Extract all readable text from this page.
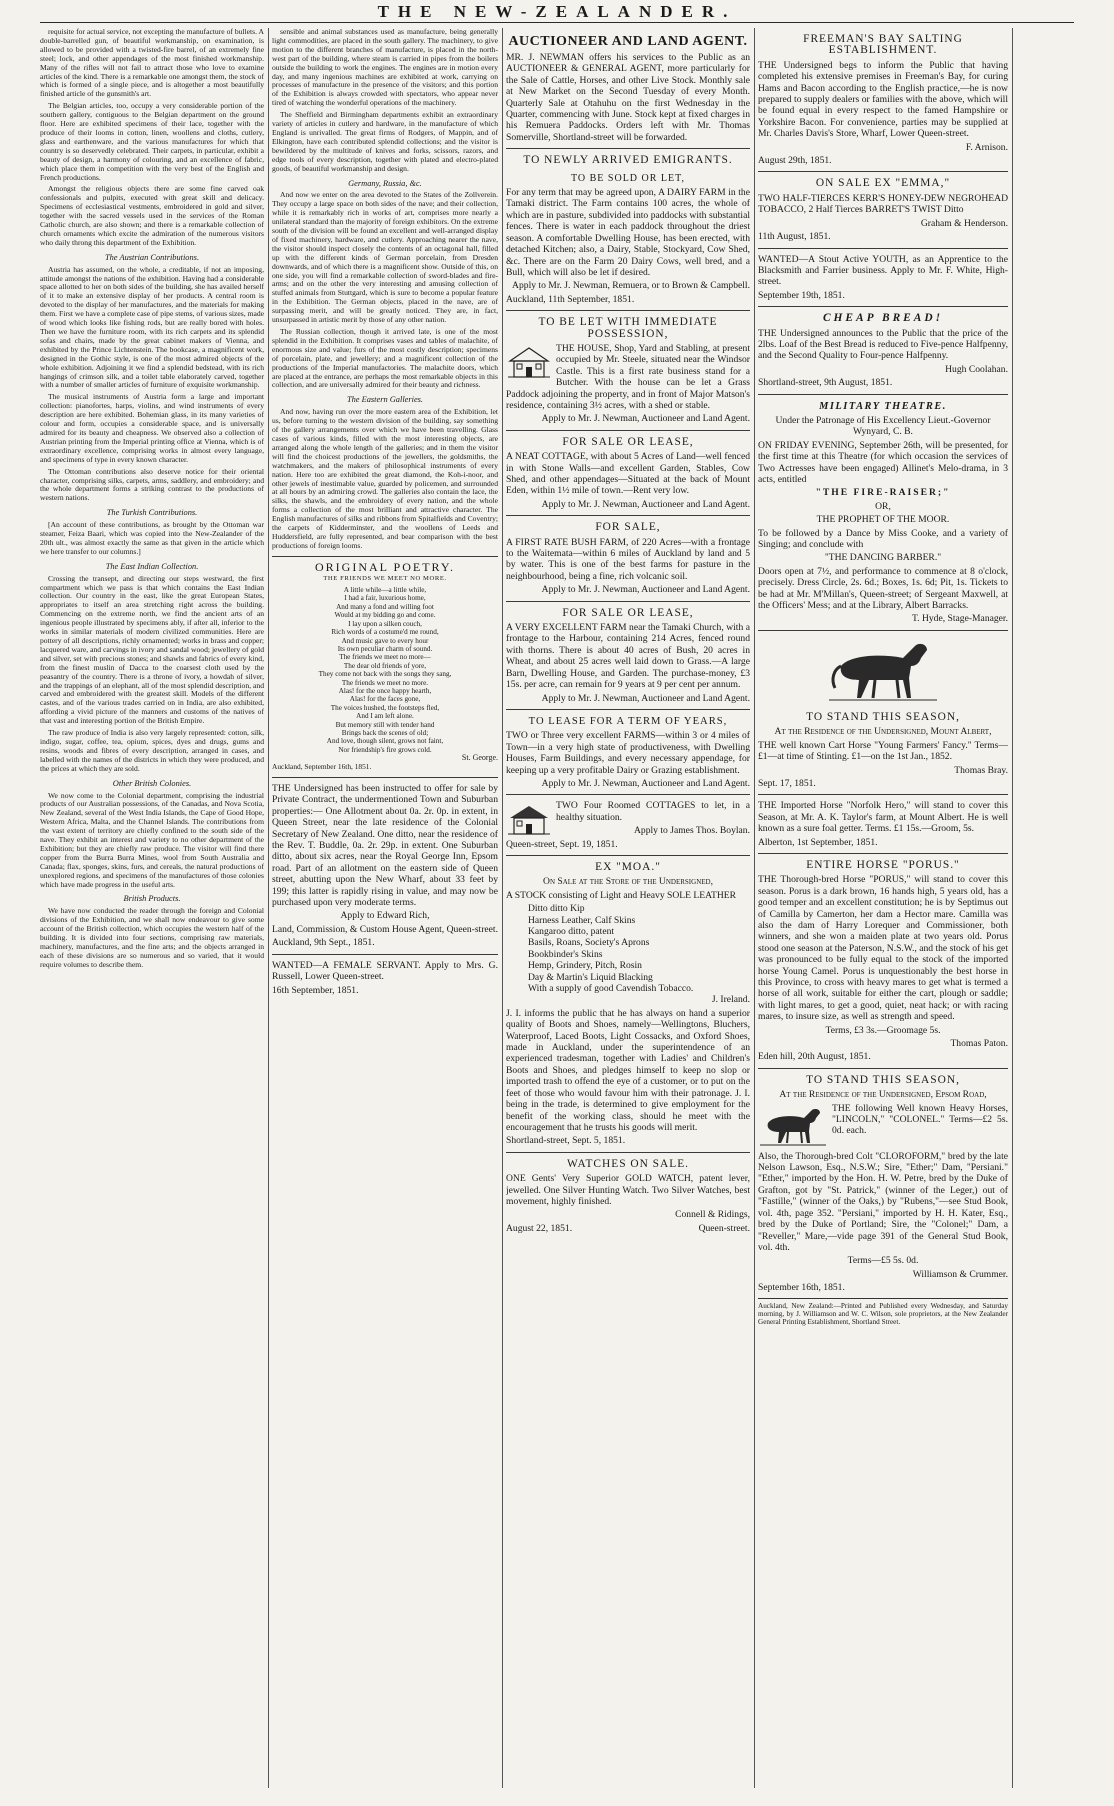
THE NEW-ZEALANDER.

requisite for actual service, not excepting the manufacture of bullets. A double-barrelled gun, of beautiful workmanship, on examination, is allowed to be provided with a twisted-fire barrel, of an extremely fine steel; lock, and other appendages of the most finished workmanship. Many of the rifles will not fail to attract those who love to examine articles of the kind. There is a remarkable one amongst them, the stock of which is formed of a single piece, and is altogether a most beautifully finished article of the gunsmith's art.

The Belgian articles, too, occupy a very considerable portion of the southern gallery, contiguous to the Belgian department on the ground floor. Here are exhibited specimens of their lace, together with the produce of their looms in cotton, linen, woollens and cloths, cutlery, glass and earthenware, and the various manufactures for which that country is so deservedly celebrated. Their carpets, in particular, exhibit a beauty of design, a harmony of colouring, and an excellence of fabric, which place them in competition with the very best of the English and French productions.

Amongst the religious objects there are some fine carved oak confessionals and pulpits, executed with great skill and delicacy. Specimens of ecclesiastical vestments, embroidered in gold and silver, together with the sacred vessels used in the services of the Roman Catholic church, are also shown; and there is a remarkable collection of church ornaments which excite the admiration of the numerous visitors who daily throng this department of the Exhibition.

The Austrian Contributions.

Austria has assumed, on the whole, a creditable, if not an imposing, attitude amongst the nations of the exhibition. Having had a considerable space allotted to her on both sides of the building, she has availed herself of it to make an extensive display of her products. A central room is devoted to the display of her manufactures, and the materials for making them. First we have a complete case of pipe stems, of various sizes, made of wood which looks like fishing rods, but are really bored with holes. Then we have the furniture room, with its rich carpets and its splendid sofas and chairs, made by the great cabinet makers of Vienna, and exhibited by the Prince Lichtenstein. The bookcase, a magnificent work, designed in the Gothic style, is one of the most admired objects of the whole exhibition. Adjoining it we find a splendid bedstead, with its rich hangings of crimson silk, and a toilet table elaborately carved, together with a number of smaller articles of furniture of exquisite workmanship.

The musical instruments of Austria form a large and important collection: pianofortes, harps, violins, and wind instruments of every description are here exhibited. Bohemian glass, in its many varieties of colour and form, occupies a considerable space, and is universally admired for its beauty and cheapness. We observed also a collection of Austrian printing from the Imperial printing office at Vienna, which is of extraordinary excellence, comprising works in almost every language, and specimens of type in every known character.

The Ottoman contributions also deserve notice for their oriental character, comprising silks, carpets, arms, saddlery, and embroidery; and the whole department forms a striking contrast to the productions of western nations.

The Turkish Contributions.

[An account of these contributions, as brought by the Ottoman war steamer, Feiza Baari, which was copied into the New-Zealander of the 20th ult., was almost exactly the same as that given in the article which we here transfer to our columns.]

The East Indian Collection.

Crossing the transept, and directing our steps westward, the first compartment which we pass is that which contains the East Indian collection. Our country in the east, like the great European States, appropriates to itself an area stretching right across the building. Commencing on the extreme north, we find the ancient arts of an ingenious people illustrated by specimens ably, if after all, inferior to the works in similar materials of modern civilized communities. Here are pottery of all descriptions, richly ornamented; works in brass and copper; lacquered ware, and carvings in ivory and sandal wood; jewellery of gold and silver, set with precious stones; and shawls and fabrics of every kind, from the finest muslin of Dacca to the coarsest cloth used by the peasantry of the country. There is a throne of ivory, a howdah of silver, and the trappings of an elephant, all of the most splendid description, and carved and embroidered with the greatest skill. Models of the different castes, and of the various trades carried on in India, are also exhibited, affording a vivid picture of the manners and customs of the natives of that vast and interesting portion of the British Empire.

The raw produce of India is also very largely represented: cotton, silk, indigo, sugar, coffee, tea, opium, spices, dyes and drugs, gums and resins, woods and fibres of every description, arranged in cases, and labelled with the names of the districts in which they were produced, and the prices at which they are sold.

Other British Colonies.

We now come to the Colonial department, comprising the industrial products of our Australian possessions, of the Canadas, and Nova Scotia, New Zealand, several of the West India Islands, the Cape of Good Hope, Western Africa, Malta, and the Channel Islands. The contributions from the vast extent of territory are chiefly confined to the south side of the nave. They exhibit an interest and variety to no other department of the Exhibition; but they are chiefly raw produce. The visitor will find there copper from the Burra Burra Mines, wool from South Australia and Canada; flax, sponges, skins, furs, and cereals, the natural productions of unexplored regions, and specimens of the manufactures of those colonies which have made progress in the useful arts.

British Products.

We have now conducted the reader through the foreign and Colonial divisions of the Exhibition, and we shall now endeavour to give some account of the British collection, which occupies the western half of the building. It is divided into four sections, comprising raw materials, machinery, manufactures, and the fine arts; and the objects arranged in each of these divisions are so numerous and so varied, that it would require volumes to describe them.

sensible and animal substances used as manufacture, being generally light commodities, are placed in the south gallery. The machinery, to give motion to the different branches of manufacture, is placed in the north-west part of the building, where steam is carried in pipes from the boilers outside the building to work the engines. The engines are in motion every day, and many ingenious machines are exhibited at work, carrying on processes of manufacture in the presence of the visitors; and this portion of the Exhibition is always crowded with spectators, who appear never tired of watching the wonderful operations of the machinery.

The Sheffield and Birmingham departments exhibit an extraordinary variety of articles in cutlery and hardware, in the manufacture of which England is unrivalled. The great firms of Rodgers, of Mappin, and of Elkington, have each contributed splendid collections; and the visitor is bewildered by the multitude of knives and forks, scissors, razors, and edge tools of every description, together with plated and electro-plated goods, of beautiful workmanship and design.

Germany, Russia, &c.

And now we enter on the area devoted to the States of the Zollverein. They occupy a large space on both sides of the nave; and their collection, while it is remarkably rich in works of art, comprises more nearly a unilateral standard than the majority of foreign exhibitors. On the extreme south of the division will be found an excellent and well-arranged display of fixed machinery, hardware, and cutlery. Approaching nearer the nave, the visitor should inspect closely the contents of an octagonal hall, filled up with the different kinds of German porcelain, from Dresden downwards, and of which there is a magnificent show. Outside of this, on one side, you will find a remarkable collection of sword-blades and fire-arms; and on the other the very interesting and amusing collection of stuffed animals from Stuttgard, which is sure to become a popular feature in the Exhibition. The German objects, placed in the nave, are of surpassing merit, and will be greatly noticed. They are, in fact, unsurpassed in artistic merit by those of any other nation.

The Russian collection, though it arrived late, is one of the most splendid in the Exhibition. It comprises vases and tables of malachite, of enormous size and value; furs of the most costly description; specimens of porcelain, plate, and jewellery; and a magnificent collection of the productions of the Imperial manufactories. The malachite doors, which are placed at the entrance, are perhaps the most remarkable objects in this collection, and are universally admired for their beauty and richness.

The Eastern Galleries.

And now, having run over the more eastern area of the Exhibition, let us, before turning to the western division of the building, say something of the gallery arrangements over which we have been travelling. Glass cases of various kinds, filled with the most interesting objects, are arranged along the whole length of the galleries; and in them the visitor will find the choicest productions of the jewellers, the goldsmiths, the watchmakers, and the makers of philosophical instruments of every nation. Here too are exhibited the great diamond, the Koh-i-noor, and other jewels of inestimable value, guarded by policemen, and surrounded at all hours by an admiring crowd. The galleries also contain the lace, the silks, the shawls, and the embroidery of every nation, and the whole forms a collection of the most brilliant and attractive character. The English manufactures of silks and ribbons from Spitalfields and Coventry; the carpets of Kidderminster, and the woollens of Leeds and Huddersfield, are fully represented, and bear comparison with the best productions of foreign looms.

ORIGINAL POETRY.
THE FRIENDS WE MEET NO MORE.
A little while—a little while,
I had a fair, luxurious home,
And many a fond and willing foot
Would at my bidding go and come.
I lay upon a silken couch,
Rich words of a costume'd me round,
And music gave to every hour
Its own peculiar charm of sound.
The friends we meet no more—
The dear old friends of yore,
They come not back with the songs they sang,
The friends we meet no more.
Alas! for the once happy hearth,
Alas! for the faces gone,
The voices hushed, the footsteps fled,
And I am left alone.
But memory still with tender hand
Brings back the scenes of old;
And love, though silent, grows not faint,
Nor friendship's fire grows cold.
St. George.
Auckland, September 16th, 1851.

THE Undersigned has been instructed to offer for sale by Private Contract, the undermentioned Town and Suburban properties:— One Allotment about 0a. 2r. 0p. in extent, in Queen Street, near the late residence of the Colonial Secretary of New Zealand. One ditto, near the residence of the Rev. T. Buddle, 0a. 2r. 29p. in extent. One Suburban ditto, about six acres, near the Royal George Inn, Epsom road. Part of an allotment on the eastern side of Queen street, abutting upon the New Wharf, about 33 feet by 199; this latter is rapidly rising in value, and may now be purchased upon very moderate terms.

Apply to Edward Rich,

Land, Commission, & Custom House Agent, Queen-street.

Auckland, 9th Sept., 1851.

WANTED—A FEMALE SERVANT. Apply to Mrs. G. Russell, Lower Queen-street.

16th September, 1851.

AUCTIONEER AND LAND AGENT.

MR. J. NEWMAN offers his services to the Public as an AUCTIONEER & GENERAL AGENT, more particularly for the Sale of Cattle, Horses, and other Live Stock. Monthly sale at New Market on the Second Tuesday of every Month. Quarterly Sale at Otahuhu on the first Wednesday in the Quarter, commencing with June. Stock kept at fixed charges in his Remuera Paddocks. Orders left with Mr. Thomas Somerville, Shortland-street will be forwarded.

TO NEWLY ARRIVED EMIGRANTS.
TO BE SOLD OR LET,

For any term that may be agreed upon, A DAIRY FARM in the Tamaki district. The Farm contains 100 acres, the whole of which are in pasture, subdivided into paddocks with substantial fences. There is water in each paddock throughout the driest season. A comfortable Dwelling House, has been erected, with detached Kitchen; also, a Dairy, Stable, Stockyard, Cow Shed, &c. There are on the Farm 20 Dairy Cows, well bred, and a Bull, which will also be let if desired.

Apply to Mr. J. Newman, Remuera, or to Brown & Campbell.

Auckland, 11th September, 1851.

TO BE LET WITH IMMEDIATE POSSESSION,

THE HOUSE, Shop, Yard and Stabling, at present occupied by Mr. Steele, situated near the Windsor Castle. This is a first rate business stand for a Butcher. With the house can be let a Grass Paddock adjoining the property, and in front of Major Matson's residence, containing 3½ acres, with a shed or stable.

Apply to Mr. J. Newman, Auctioneer and Land Agent.

FOR SALE OR LEASE,

A NEAT COTTAGE, with about 5 Acres of Land—well fenced in with Stone Walls—and excellent Garden, Stables, Cow Shed, and other appendages—Situated at the back of Mount Eden, within 1½ mile of town.—Rent very low.

Apply to Mr. J. Newman, Auctioneer and Land Agent.

FOR SALE,

A FIRST RATE BUSH FARM, of 220 Acres—with a frontage to the Waitemata—within 6 miles of Auckland by land and 5 by water. This is one of the best farms for pasture in the neighbourhood, being a fine, rich volcanic soil.

Apply to Mr. J. Newman, Auctioneer and Land Agent.

FOR SALE OR LEASE,

A VERY EXCELLENT FARM near the Tamaki Church, with a frontage to the Harbour, containing 214 Acres, fenced round with thorns. There is about 40 acres of Bush, 20 acres in Wheat, and about 25 acres well laid down to Grass.—A large Barn, Dwelling House, and Garden. The purchase-money, £3 15s. per acre, can remain for 9 years at 9 per cent per annum.

Apply to Mr. J. Newman, Auctioneer and Land Agent.

TO LEASE FOR A TERM OF YEARS,

TWO or Three very excellent FARMS—within 3 or 4 miles of Town—in a very high state of productiveness, with Dwelling Houses, Farm Buildings, and every necessary appendage, for keeping up a very profitable Dairy or Grazing establishment.

Apply to Mr. J. Newman, Auctioneer and Land Agent.

TWO Four Roomed COTTAGES to let, in a healthy situation.

Apply to James Thos. Boylan.

Queen-street, Sept. 19, 1851.

EX "MOA."

On Sale at the Store of the Undersigned,

A STOCK consisting of Light and Heavy SOLE LEATHER

Ditto ditto Kip
Harness Leather, Calf Skins
Kangaroo ditto, patent
Basils, Roans, Society's Aprons
Bookbinder's Skins
Hemp, Grindery, Pitch, Rosin
Day & Martin's Liquid Blacking
With a supply of good Cavendish Tobacco.

J. Ireland.

J. I. informs the public that he has always on hand a superior quality of Boots and Shoes, namely—Wellingtons, Bluchers, Waterproof, Laced Boots, Light Cossacks, and Oxford Shoes, made in Auckland, under the superintendence of an experienced tradesman, together with Ladies' and Children's Boots and Shoes, and pledges himself to keep no slop or imported trash to offend the eye of a customer, or to put on the feet of those who would favour him with their patronage. J. I. being in the trade, is determined to give employment for the benefit of the working class, should he meet with the encouragement that he trusts his goods will merit.

Shortland-street, Sept. 5, 1851.

WATCHES ON SALE.

ONE Gents' Very Superior GOLD WATCH, patent lever, jewelled. One Silver Hunting Watch. Two Silver Watches, best movement, highly finished.

Connell & Ridings,

August 22, 1851.	Queen-street.

FREEMAN'S BAY SALTING ESTABLISHMENT.

THE Undersigned begs to inform the Public that having completed his extensive premises in Freeman's Bay, for curing Hams and Bacon according to the English practice,—he is now prepared to supply dealers or families with the above, which will be found equal in every respect to the famed Hampshire or Yorkshire Bacon. For convenience, parties may be supplied at Mr. Charles Davis's Store, Wharf, Lower Queen-street.

F. Arnison.

August 29th, 1851.

ON SALE EX "EMMA,"

TWO HALF-TIERCES KERR'S HONEY-DEW NEGROHEAD TOBACCO, 2 Half Tierces BARRET'S TWIST Ditto

Graham & Henderson.

11th August, 1851.

WANTED—A Stout Active YOUTH, as an Apprentice to the Blacksmith and Farrier business. Apply to Mr. F. White, High-street.

September 19th, 1851.

CHEAP BREAD!

THE Undersigned announces to the Public that the price of the 2lbs. Loaf of the Best Bread is reduced to Five-pence Halfpenny, and the Second Quality to Four-pence Halfpenny.

Hugh Coolahan.

Shortland-street, 9th August, 1851.

MILITARY THEATRE.

Under the Patronage of His Excellency Lieut.-Governor Wynyard, C. B.

ON FRIDAY EVENING, September 26th, will be presented, for the first time at this Theatre (for which occasion the services of Two Actresses have been engaged) Allinet's Melo-drama, in 3 acts, entitled

"THE FIRE-RAISER;"

OR,

THE PROPHET OF THE MOOR.

To be followed by a Dance by Miss Cooke, and a variety of Singing; and conclude with

"THE DANCING BARBER."

Doors open at 7½, and performance to commence at 8 o'clock, precisely. Dress Circle, 2s. 6d.; Boxes, 1s. 6d; Pit, 1s. Tickets to be had at Mr. M'Millan's, Queen-street; of Sergeant Maxwell, at the Officers' Mess; and at the Library, Albert Barracks.

T. Hyde, Stage-Manager.

TO STAND THIS SEASON,

At the Residence of the Undersigned, Mount Albert,

THE well known Cart Horse "Young Farmers' Fancy." Terms—£1—at time of Stinting. £1—on the 1st Jan., 1852.

Thomas Bray.

Sept. 17, 1851.

THE Imported Horse "Norfolk Hero," will stand to cover this Season, at Mr. A. K. Taylor's farm, at Mount Albert. He is well known as a sure foal getter. Terms. £1 15s.—Groom, 5s.

Alberton, 1st September, 1851.

ENTIRE HORSE "PORUS."

THE Thorough-bred Horse "PORUS," will stand to cover this season. Porus is a dark brown, 16 hands high, 5 years old, has a good temper and an excellent constitution; he is by Septimus out of Camilla by Camerton, her dam a Hector mare. Camilla was also the dam of Harry Lorequer and Commissioner, both winners, and she won a maiden plate at two years old. Porus stood one season at the Paterson, N.S.W., and the stock of his get was pronounced to be fully equal to the stock of the imported horse Young Camel. Porus is unquestionably the best horse in this Province, to cross with heavy mares to get what is termed a horse of all work, suitable for either the cart, plough or saddle; with light mares, to get a good, quiet, neat hack; or with racing mares, to insure size, as well as strength and speed.

Terms, £3 3s.—Groomage 5s.

Thomas Paton.

Eden hill, 20th August, 1851.

TO STAND THIS SEASON,

At the Residence of the Undersigned, Epsom Road,

THE following Well known Heavy Horses, "LINCOLN," "COLONEL." Terms—£2 5s. 0d. each.

Also, the Thorough-bred Colt "CLOROFORM," bred by the late Nelson Lawson, Esq., N.S.W.; Sire, "Ether;" Dam, "Persiani." "Ether," imported by the Hon. H. W. Petre, bred by the Duke of Grafton, got by "St. Patrick," (winner of the Leger,) out of "Fastille," (winner of the Oaks,) by "Rubens,"—see Stud Book, vol. 4th, page 352. "Persiani," imported by H. H. Kater, Esq., bred by the Duke of Portland; Sire, the "Colonel;" Dam, a "Reveller," Mare,—vide page 391 of the General Stud Book, vol. 4th.

Terms—£5 5s. 0d.

Williamson & Crummer.

September 16th, 1851.

Auckland, New Zealand:—Printed and Published every Wednesday, and Saturday morning, by J. Williamson and W. C. Wilson, sole proprietors, at the New Zealander General Printing Establishment, Shortland Street.
